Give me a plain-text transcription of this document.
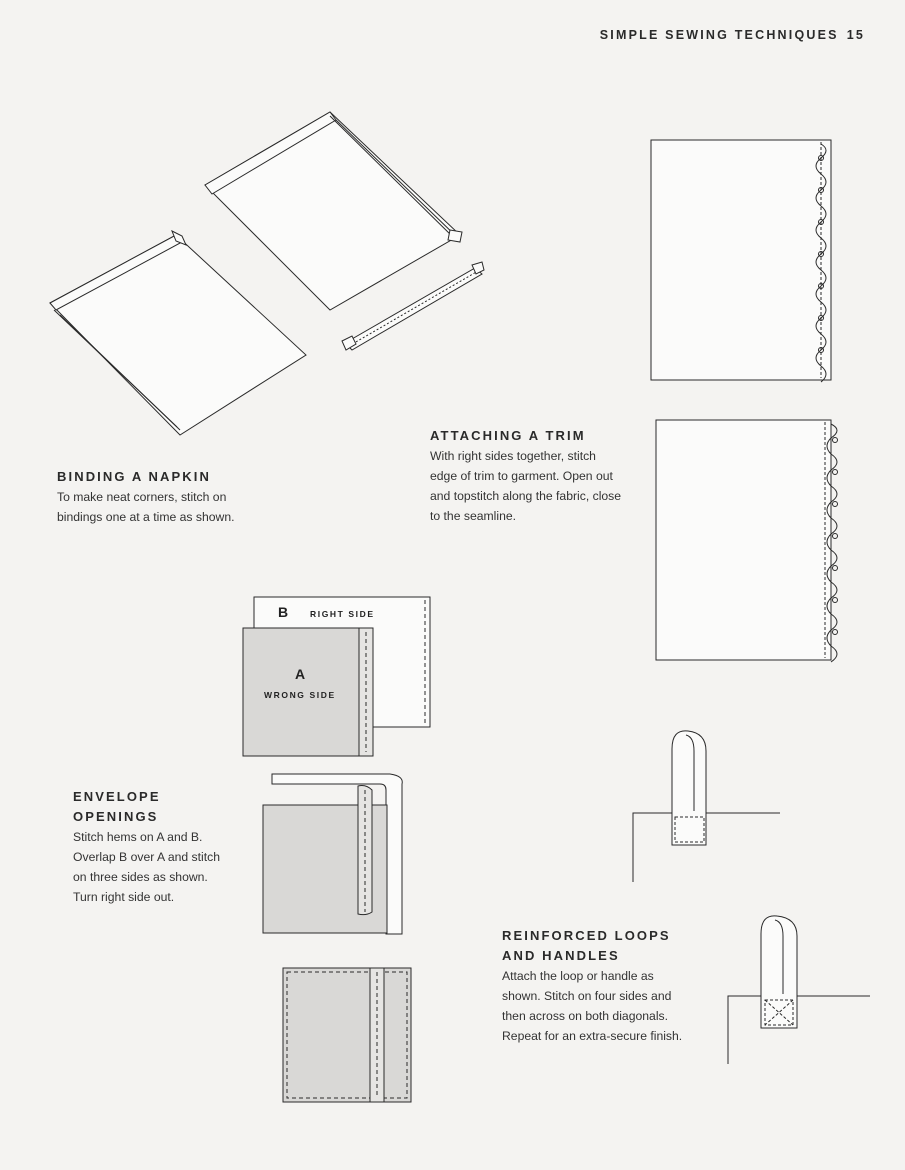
SIMPLE SEWING TECHNIQUES 15
BINDING A NAPKIN

To make neat corners, stitch on

bindings one at a time as shown.

ATTACHING A TRIM

With right sides together, stitch

edge of trim to garment. Open out

and topstitch along the fabric, close

to the seamline.

B	RIGHT SIDE
A
WRONG SIDE
ENVELOPE
OPENINGS

Stitch hems on A and B.

Overlap B over A and stitch

on three sides as shown.

Turn right side out.

REINFORCED LOOPS
AND HANDLES

Attach the loop or handle as

shown. Stitch on four sides and

then across on both diagonals.

Repeat for an extra-secure finish.
